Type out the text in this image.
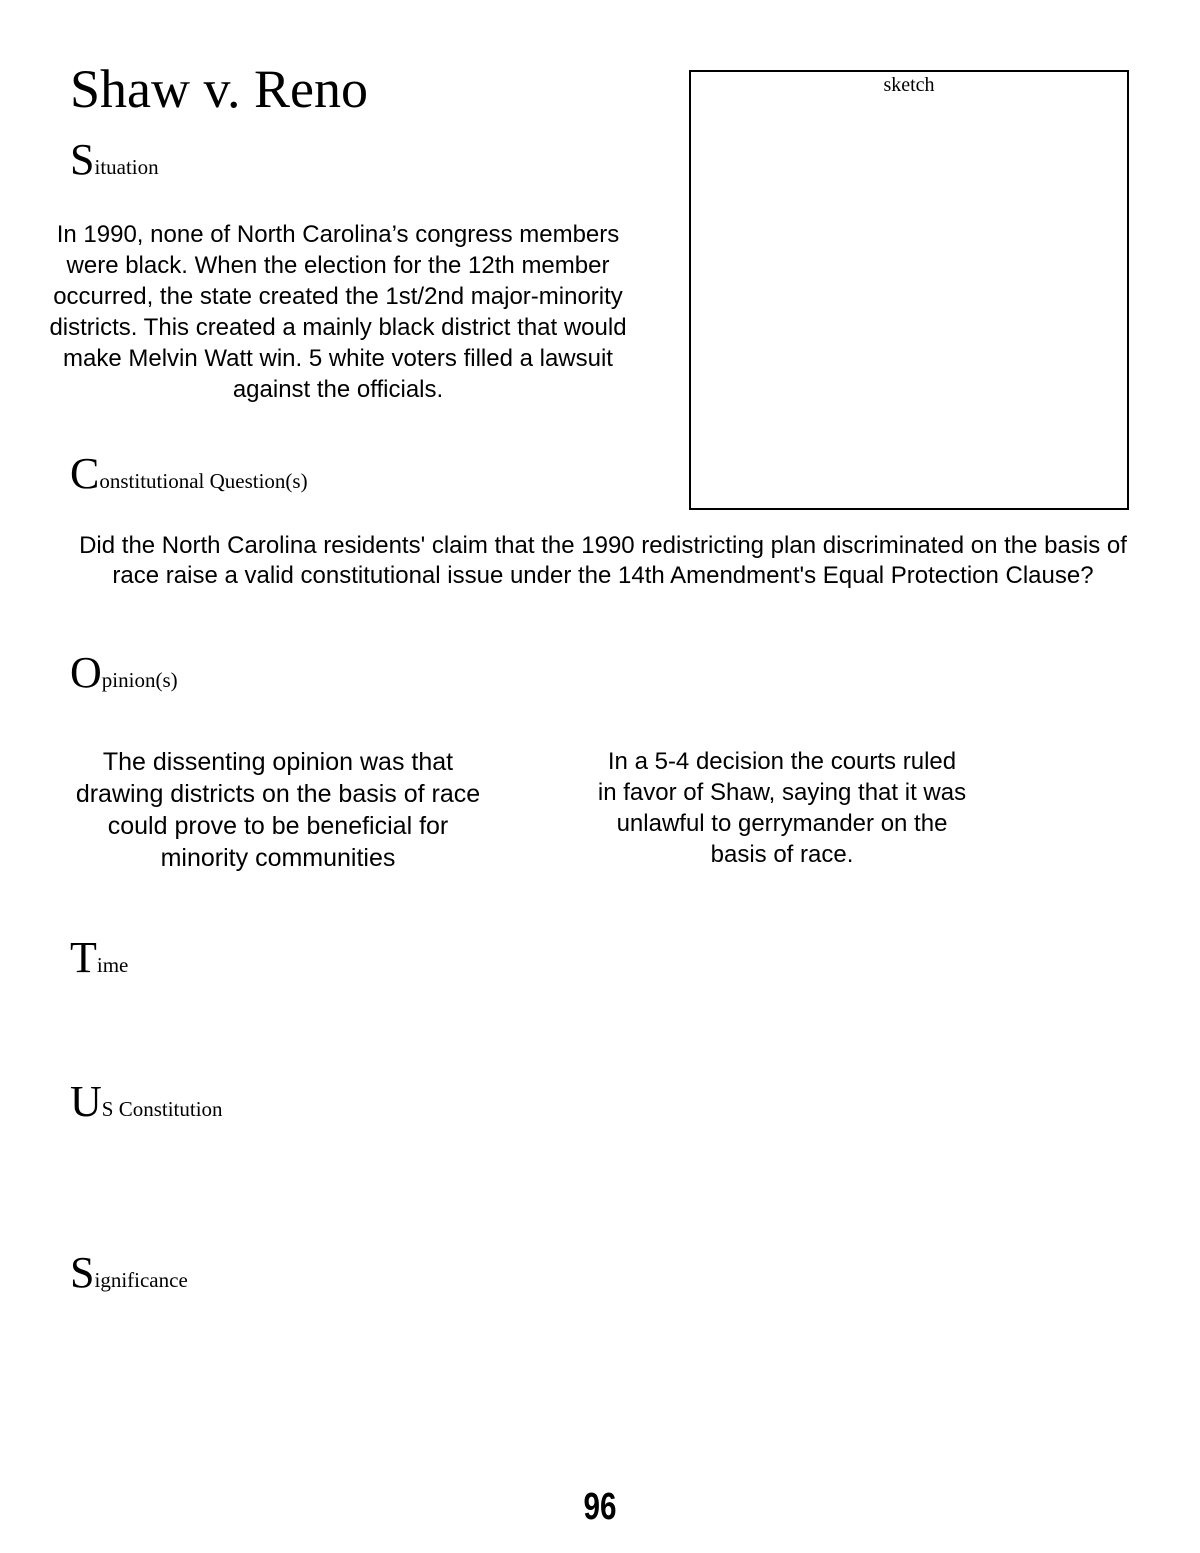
Shaw v. Reno
Situation
In 1990, none of North Carolina’s congress members were black. When the election for the 12th member occurred, the state created the 1st/2nd major-minority districts. This created a mainly black district that would make Melvin Watt win. 5 white voters filled a lawsuit against the officials.
sketch
Constitutional Question(s)
Did the North Carolina residents' claim that the 1990 redistricting plan discriminated on the basis of race raise a valid constitutional issue under the 14th Amendment's Equal Protection Clause?
Opinion(s)
The dissenting opinion was that drawing districts on the basis of race could prove to be beneficial for minority communities
In a 5-4 decision the courts ruled in favor of Shaw, saying that it was unlawful to gerrymander on the basis of race.
Time
US Constitution
Significance
96
